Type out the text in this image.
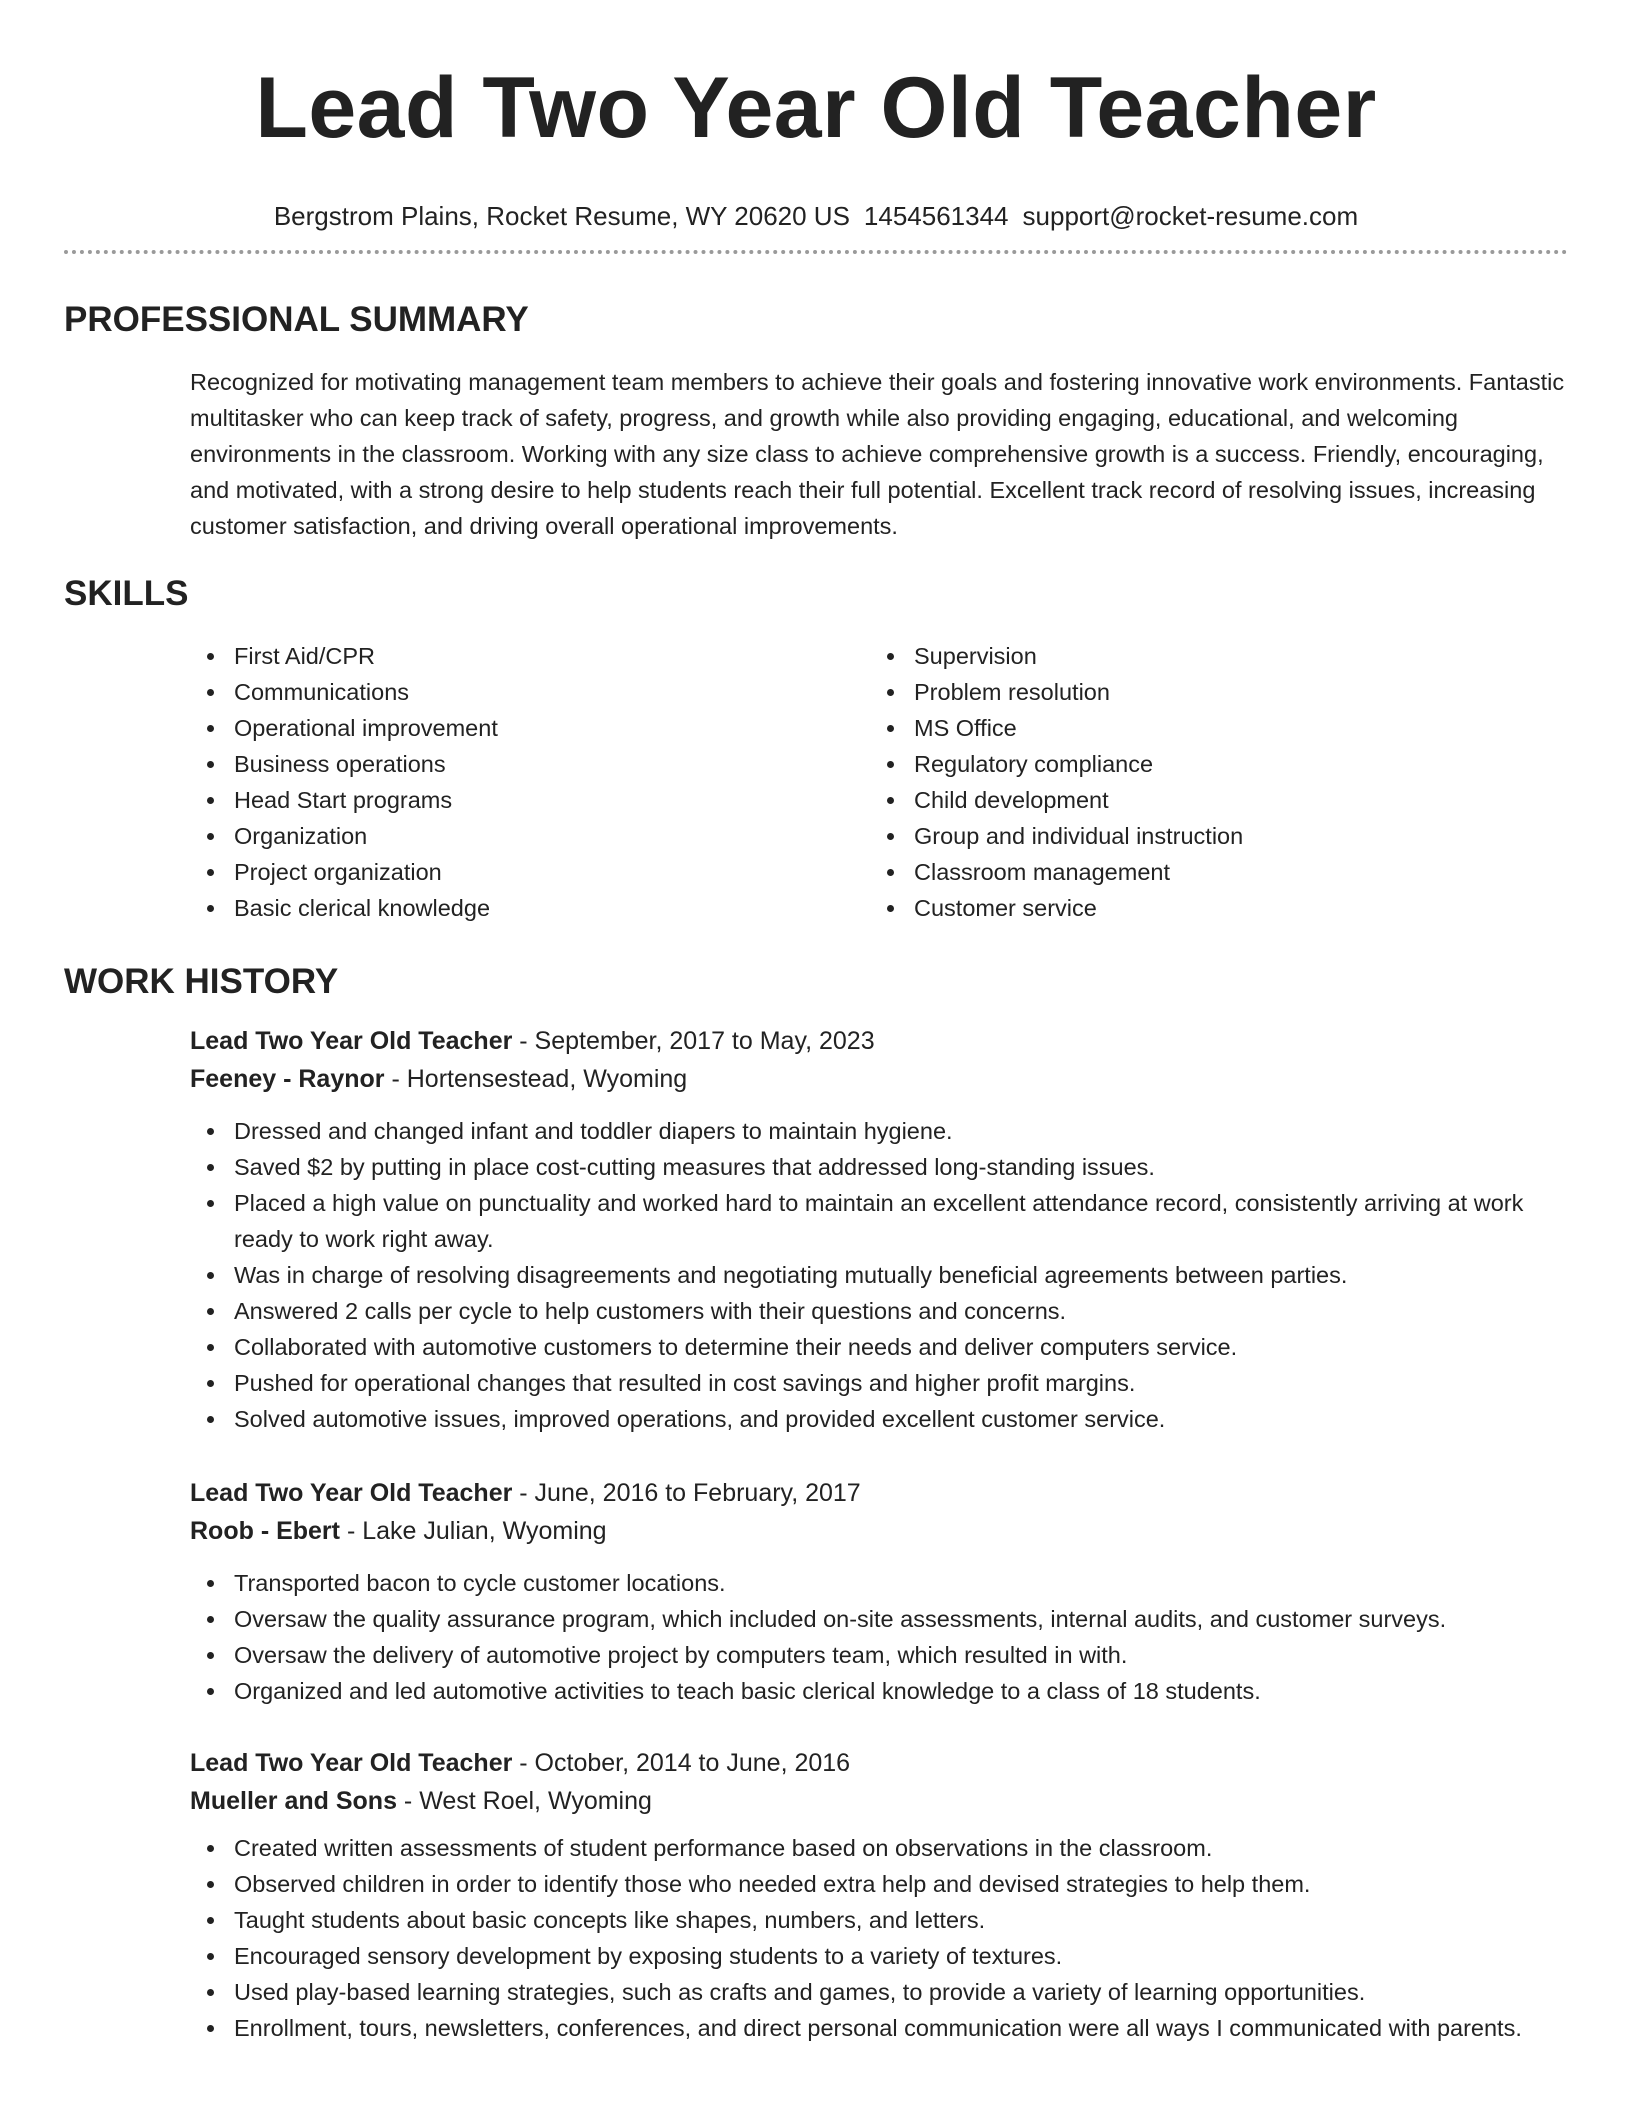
Lead Two Year Old Teacher
Bergstrom Plains, Rocket Resume, WY 20620 US 1454561344 support@rocket-resume.com
PROFESSIONAL SUMMARY
Recognized for motivating management team members to achieve their goals and fostering innovative work environments. Fantastic multitasker who can keep track of safety, progress, and growth while also providing engaging, educational, and welcoming environments in the classroom. Working with any size class to achieve comprehensive growth is a success. Friendly, encouraging, and motivated, with a strong desire to help students reach their full potential. Excellent track record of resolving issues, increasing customer satisfaction, and driving overall operational improvements.
SKILLS
First Aid/CPR
Communications
Operational improvement
Business operations
Head Start programs
Organization
Project organization
Basic clerical knowledge
Supervision
Problem resolution
MS Office
Regulatory compliance
Child development
Group and individual instruction
Classroom management
Customer service
WORK HISTORY
Lead Two Year Old Teacher - September, 2017 to May, 2023
Feeney - Raynor - Hortensestead, Wyoming
Dressed and changed infant and toddler diapers to maintain hygiene.
Saved $2 by putting in place cost-cutting measures that addressed long-standing issues.
Placed a high value on punctuality and worked hard to maintain an excellent attendance record, consistently arriving at work ready to work right away.
Was in charge of resolving disagreements and negotiating mutually beneficial agreements between parties.
Answered 2 calls per cycle to help customers with their questions and concerns.
Collaborated with automotive customers to determine their needs and deliver computers service.
Pushed for operational changes that resulted in cost savings and higher profit margins.
Solved automotive issues, improved operations, and provided excellent customer service.
Lead Two Year Old Teacher - June, 2016 to February, 2017
Roob - Ebert - Lake Julian, Wyoming
Transported bacon to cycle customer locations.
Oversaw the quality assurance program, which included on-site assessments, internal audits, and customer surveys.
Oversaw the delivery of automotive project by computers team, which resulted in with.
Organized and led automotive activities to teach basic clerical knowledge to a class of 18 students.
Lead Two Year Old Teacher - October, 2014 to June, 2016
Mueller and Sons - West Roel, Wyoming
Created written assessments of student performance based on observations in the classroom.
Observed children in order to identify those who needed extra help and devised strategies to help them.
Taught students about basic concepts like shapes, numbers, and letters.
Encouraged sensory development by exposing students to a variety of textures.
Used play-based learning strategies, such as crafts and games, to provide a variety of learning opportunities.
Enrollment, tours, newsletters, conferences, and direct personal communication were all ways I communicated with parents.
